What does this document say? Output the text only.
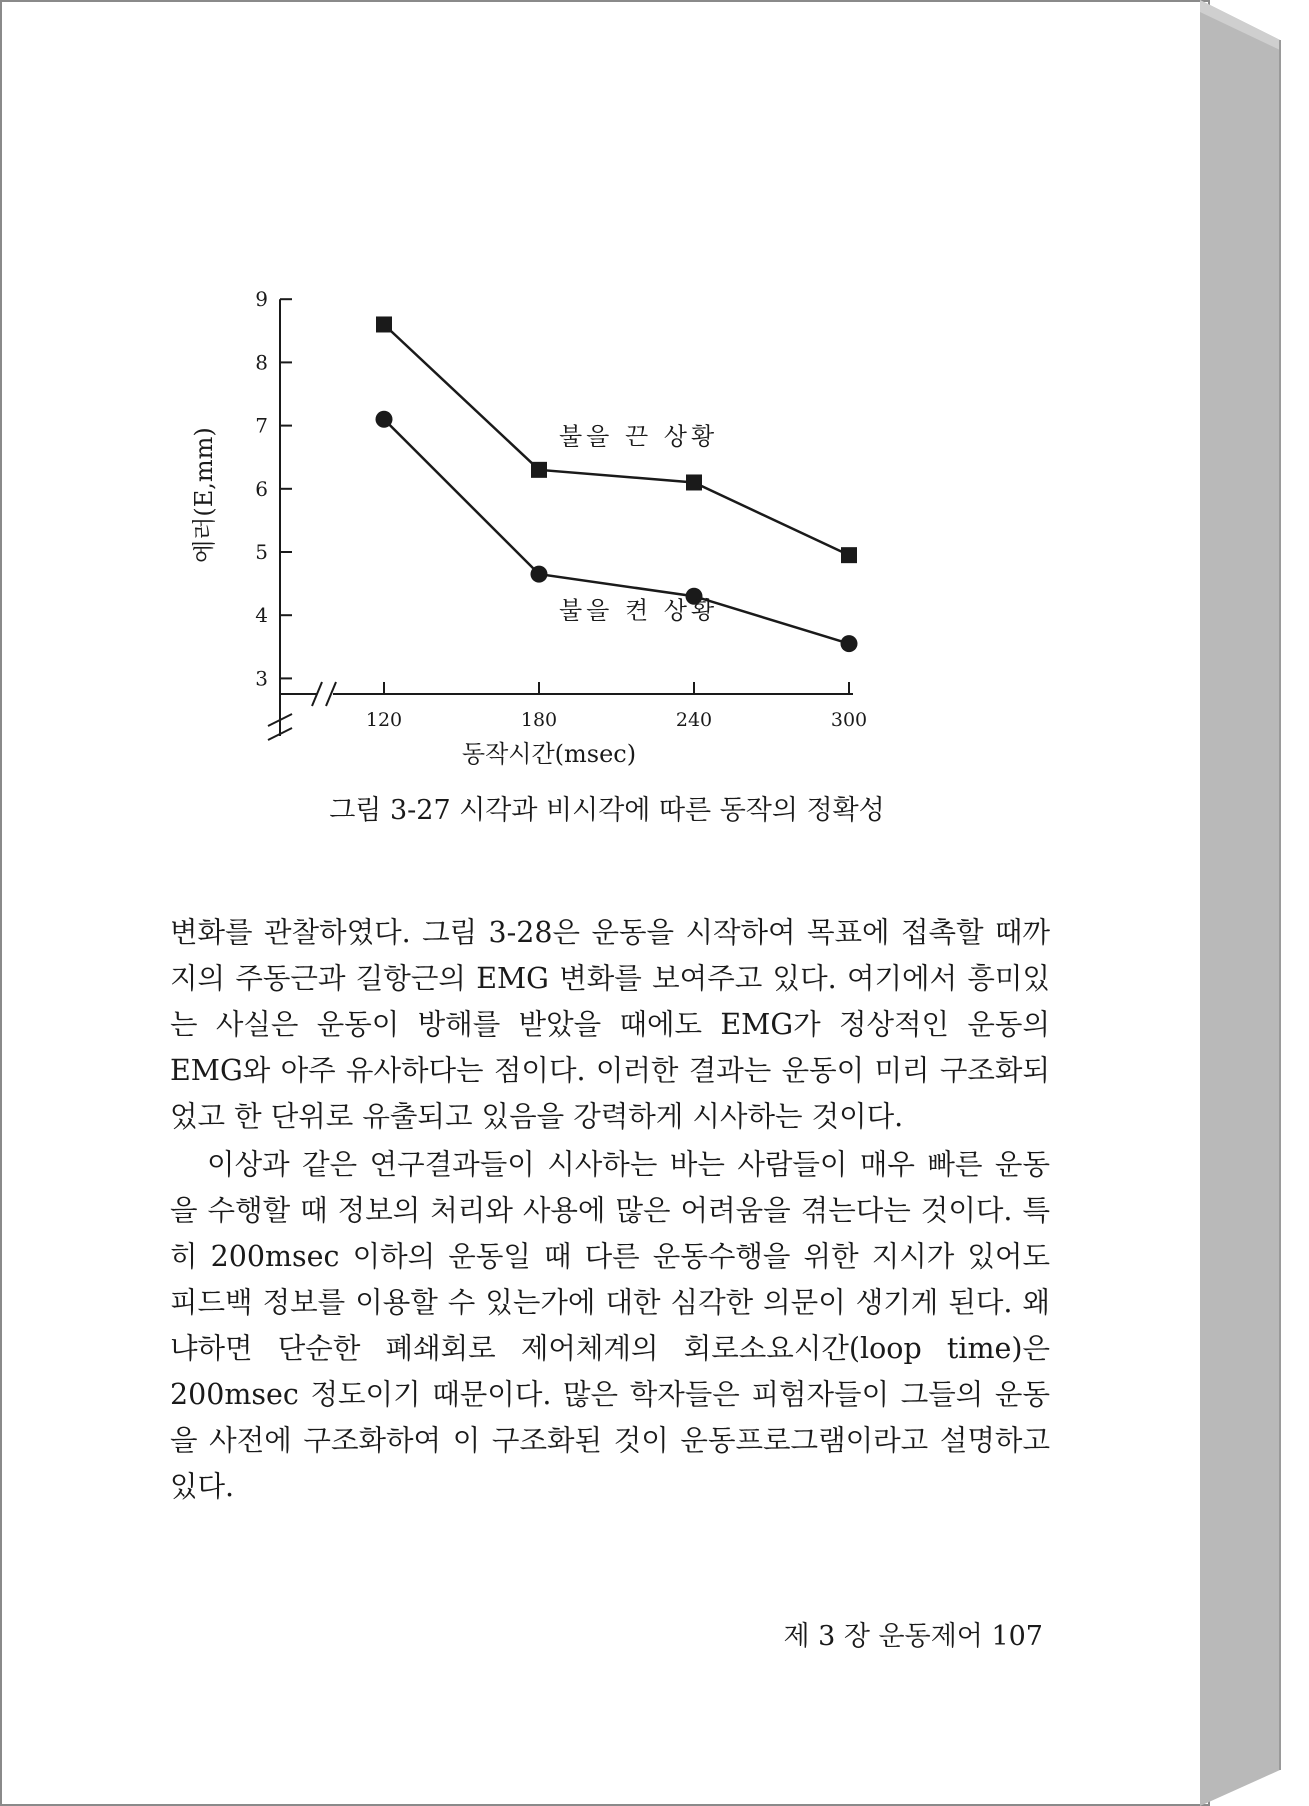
3
4
5
6
7
8
9
120	180	240	300
동작시간(msec)
에러(E,mm)	불을 끈 상황
불을 켠 상황
그림 3-27 시각과 비시각에 따른 동작의 정확성

변화를 관찰하였다. 그림 3-28은 운동을 시작하여 목표에 접촉할 때까지의 주동근과 길항근의 EMG 변화를 보여주고 있다. 여기에서 흥미있는 사실은 운동이 방해를 받았을 때에도 EMG가 정상적인 운동의 EMG와 아주 유사하다는 점이다. 이러한 결과는 운동이 미리 구조화되었고 한 단위로 유출되고 있음을 강력하게 시사하는 것이다.

이상과 같은 연구결과들이 시사하는 바는 사람들이 매우 빠른 운동을 수행할 때 정보의 처리와 사용에 많은 어려움을 겪는다는 것이다. 특히 200msec 이하의 운동일 때 다른 운동수행을 위한 지시가 있어도 피드백 정보를 이용할 수 있는가에 대한 심각한 의문이 생기게 된다. 왜냐하면 단순한 폐쇄회로 제어체계의 회로소요시간(loop time)은 200msec 정도이기 때문이다. 많은 학자들은 피험자들이 그들의 운동을 사전에 구조화하여 이 구조화된 것이 운동프로그램이라고 설명하고 있다.

제 3 장 운동제어 107
